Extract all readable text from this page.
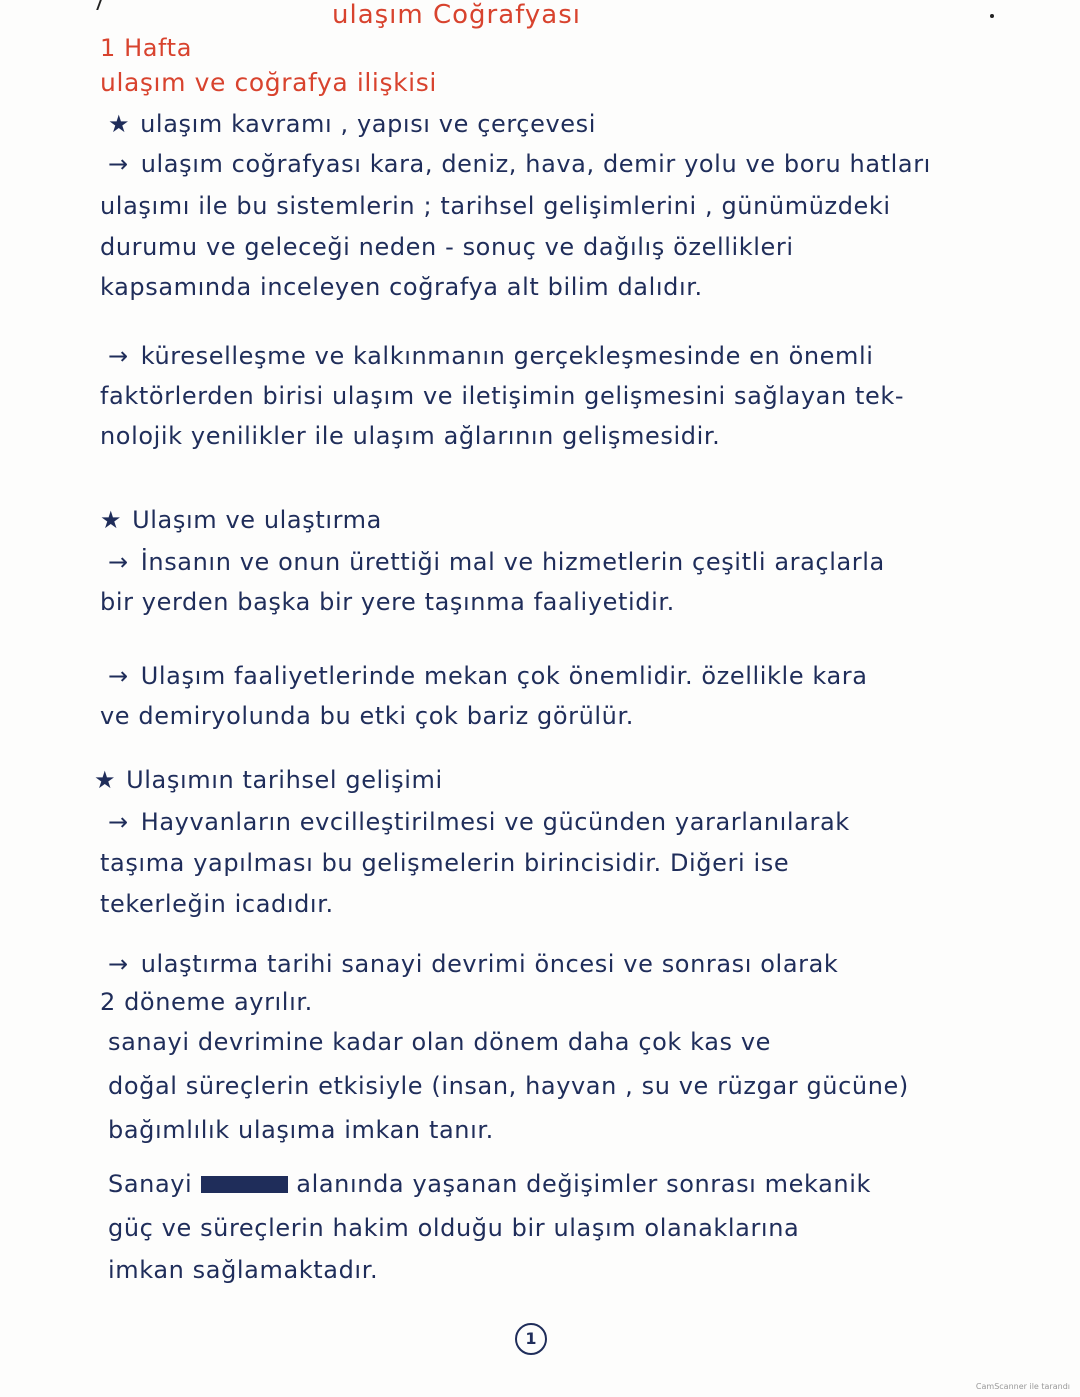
ulaşım Coğrafyası
1 Hafta
ulaşım ve coğrafya ilişkisi
★ ulaşım kavramı , yapısı ve çerçevesi
→ ulaşım coğrafyası kara, deniz, hava, demir yolu ve boru hatları
ulaşımı ile bu sistemlerin ; tarihsel gelişimlerini , günümüzdeki
durumu ve geleceği neden - sonuç ve dağılış özellikleri
kapsamında inceleyen coğrafya alt bilim dalıdır.
→ küreselleşme ve kalkınmanın gerçekleşmesinde en önemli
faktörlerden birisi ulaşım ve iletişimin gelişmesini sağlayan tek-
nolojik yenilikler ile ulaşım ağlarının gelişmesidir.
★ Ulaşım ve ulaştırma
→ İnsanın ve onun ürettiği mal ve hizmetlerin çeşitli araçlarla
bir yerden başka bir yere taşınma faaliyetidir.
→ Ulaşım faaliyetlerinde mekan çok önemlidir. özellikle kara
ve demiryolunda bu etki çok bariz görülür.
★ Ulaşımın tarihsel gelişimi
→ Hayvanların evcilleştirilmesi ve gücünden yararlanılarak
taşıma yapılması bu gelişmelerin birincisidir. Diğeri ise
tekerleğin icadıdır.
→ ulaştırma tarihi sanayi devrimi öncesi ve sonrası olarak
2 döneme ayrılır.
sanayi devrimine kadar olan dönem daha çok kas ve
doğal süreçlerin etkisiyle (insan, hayvan , su ve rüzgar gücüne)
bağımlılık ulaşıma imkan tanır.
Sanayi	alanında yaşanan değişimler sonrası mekanik
güç ve süreçlerin hakim olduğu bir ulaşım olanaklarına
imkan sağlamaktadır.
1
CamScanner ile tarandı
